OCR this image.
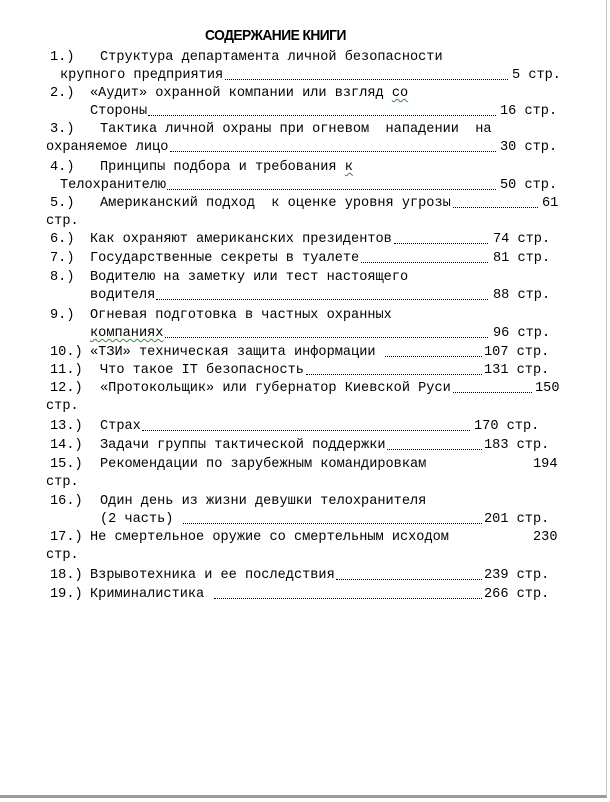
СОДЕРЖАНИЕ КНИГИ
1.) Структура департамента личной безопасности
крупного предприятия	5 стр.
2.) «Аудит» охранной компании или взгляд со
Стороны	16 стр.
3.) Тактика личной охраны при огневом  нападении  на
охраняемое лицо	30 стр.
4.) Принципы подбора и требования к
Телохранителю	50 стр.
5.) Американский подход  к оценке уровня угрозы	61
стр.
6.) Как охраняют американских президентов	74 стр.
7.) Государственные секреты в туалете	81 стр.
8.) Водителю на заметку или тест настоящего
водителя	88 стр.
9.) Огневая подготовка в частных охранных
компаниях	96 стр.
10.) «ТЗИ» техническая защита информации	107 стр.
11.) Что такое IT безопасность	131 стр.
12.) «Протокольщик» или губернатор Киевской Руси	150
стр.
13.) Страх	170 стр.
14.) Задачи группы тактической поддержки	183 стр.
15.) Рекомендации по зарубежным командировкам	194
стр.
16.) Один день из жизни девушки телохранителя
(2 часть)	201 стр.
17.) Не смертельное оружие со смертельным исходом	230
стр.
18.) Взрывотехника и ее последствия	239 стр.
19.) Криминалистика	266 стр.
